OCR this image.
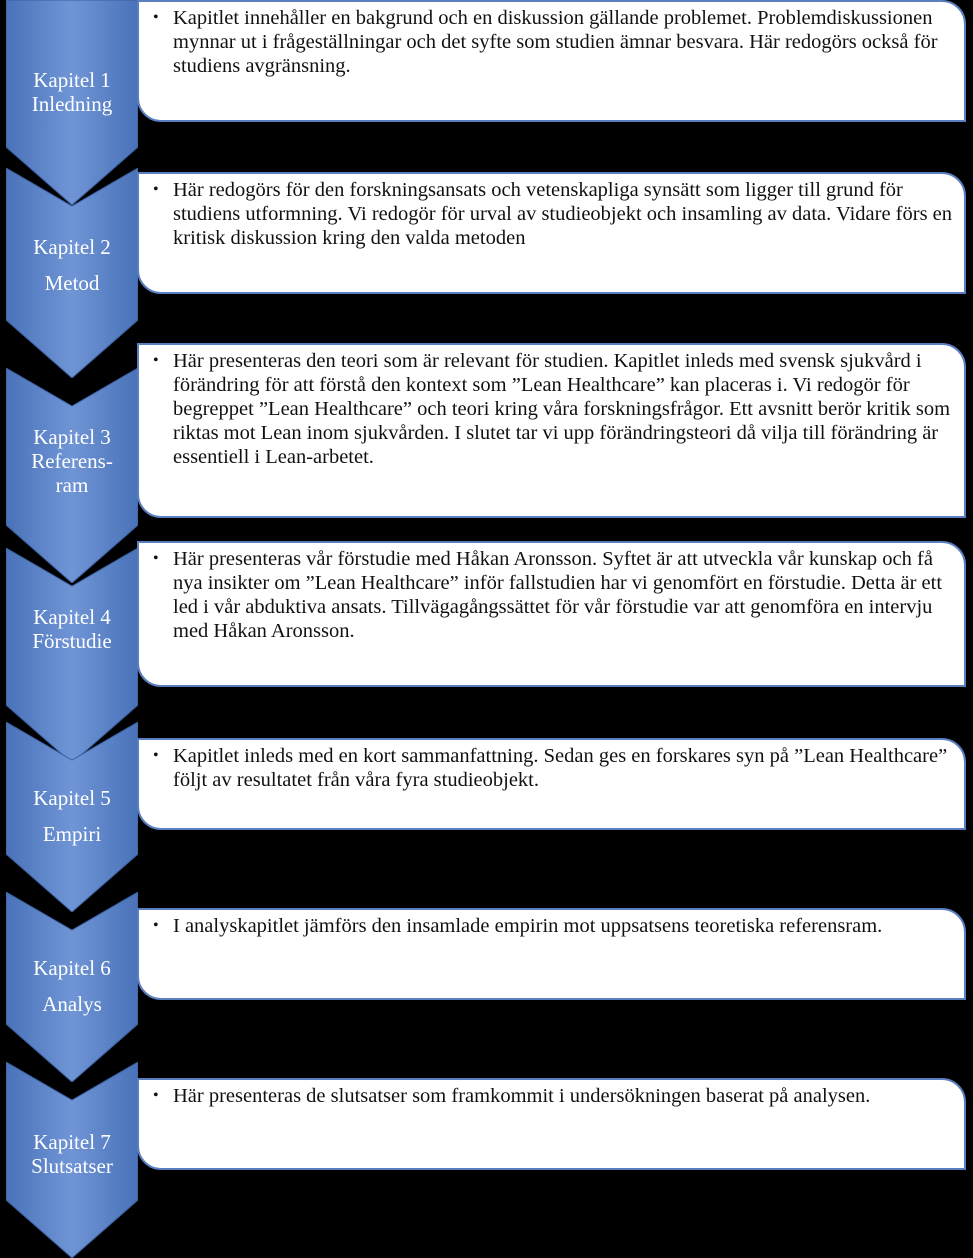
Kapitel 1
Inledning
• Kapitlet innehåller en bakgrund och en diskussion gällande problemet. Problemdiskussionen mynnar ut i frågeställningar och det syfte som studien ämnar besvara. Här redogörs också för studiens avgränsning.
Kapitel 2
Metod
• Här redogörs för den forskningsansats och vetenskapliga synsätt som ligger till grund för studiens utformning. Vi redogör för urval av studieobjekt och insamling av data. Vidare förs en kritisk diskussion kring den valda metoden
Kapitel 3
Referens-
ram
• Här presenteras den teori som är relevant för studien. Kapitlet inleds med svensk sjukvård i förändring för att förstå den kontext som ”Lean Healthcare” kan placeras i. Vi redogör för begreppet ”Lean Healthcare” och teori kring våra forskningsfrågor. Ett avsnitt berör kritik som riktas mot Lean inom sjukvården. I slutet tar vi upp förändringsteori då vilja till förändring är essentiell i Lean-arbetet.
Kapitel 4
Förstudie
• Här presenteras vår förstudie med Håkan Aronsson. Syftet är att utveckla vår kunskap och få nya insikter om ”Lean Healthcare” inför fallstudien har vi genomfört en förstudie. Detta är ett led i vår abduktiva ansats. Tillvägagångssättet för vår förstudie var att genomföra en intervju med Håkan Aronsson.
Kapitel 5
Empiri
• Kapitlet inleds med en kort sammanfattning. Sedan ges en forskares syn på ”Lean Healthcare” följt av resultatet från våra fyra studieobjekt.
Kapitel 6
Analys
• I analyskapitlet jämförs den insamlade empirin mot uppsatsens teoretiska referensram.
Kapitel 7
Slutsatser
• Här presenteras de slutsatser som framkommit i undersökningen baserat på analysen.
